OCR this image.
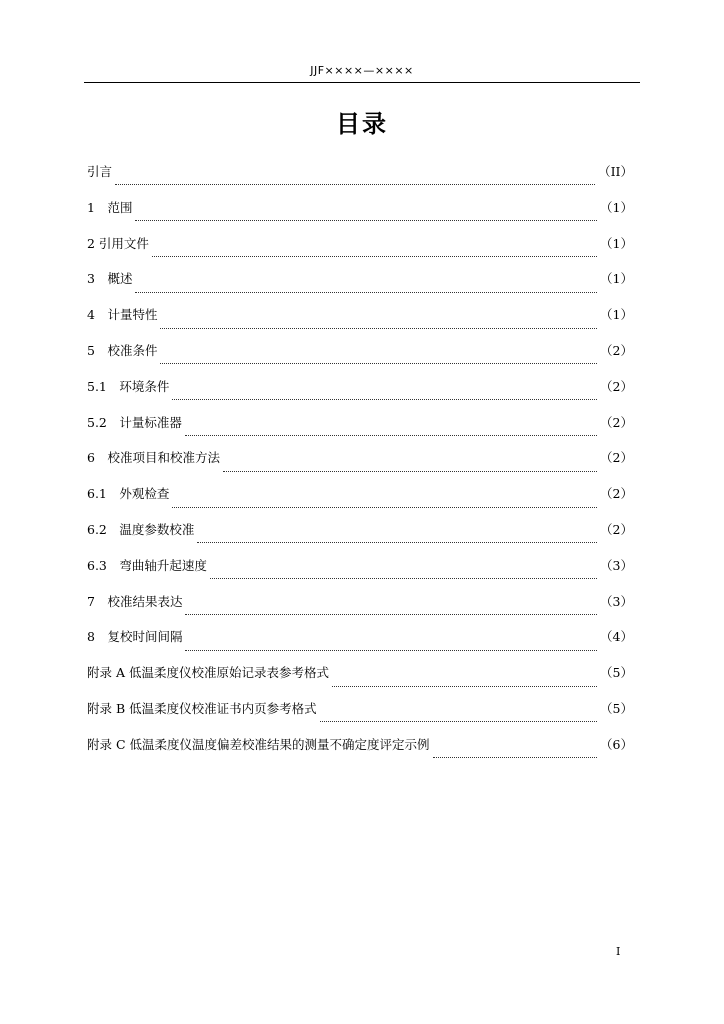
JJF××××—××××
目录
引言	（II）
1　范围	（1）
2 引用文件	（1）
3　概述	（1）
4　计量特性	（1）
5　校准条件	（2）
5.1　环境条件	（2）
5.2　计量标准器	（2）
6　校准项目和校准方法	（2）
6.1　外观检查	（2）
6.2　温度参数校准	（2）
6.3　弯曲轴升起速度	（3）
7　校准结果表达	（3）
8　复校时间间隔	（4）
附录 A 低温柔度仪校准原始记录表参考格式	（5）
附录 B 低温柔度仪校准证书内页参考格式	（5）
附录 C 低温柔度仪温度偏差校准结果的测量不确定度评定示例	（6）
I
